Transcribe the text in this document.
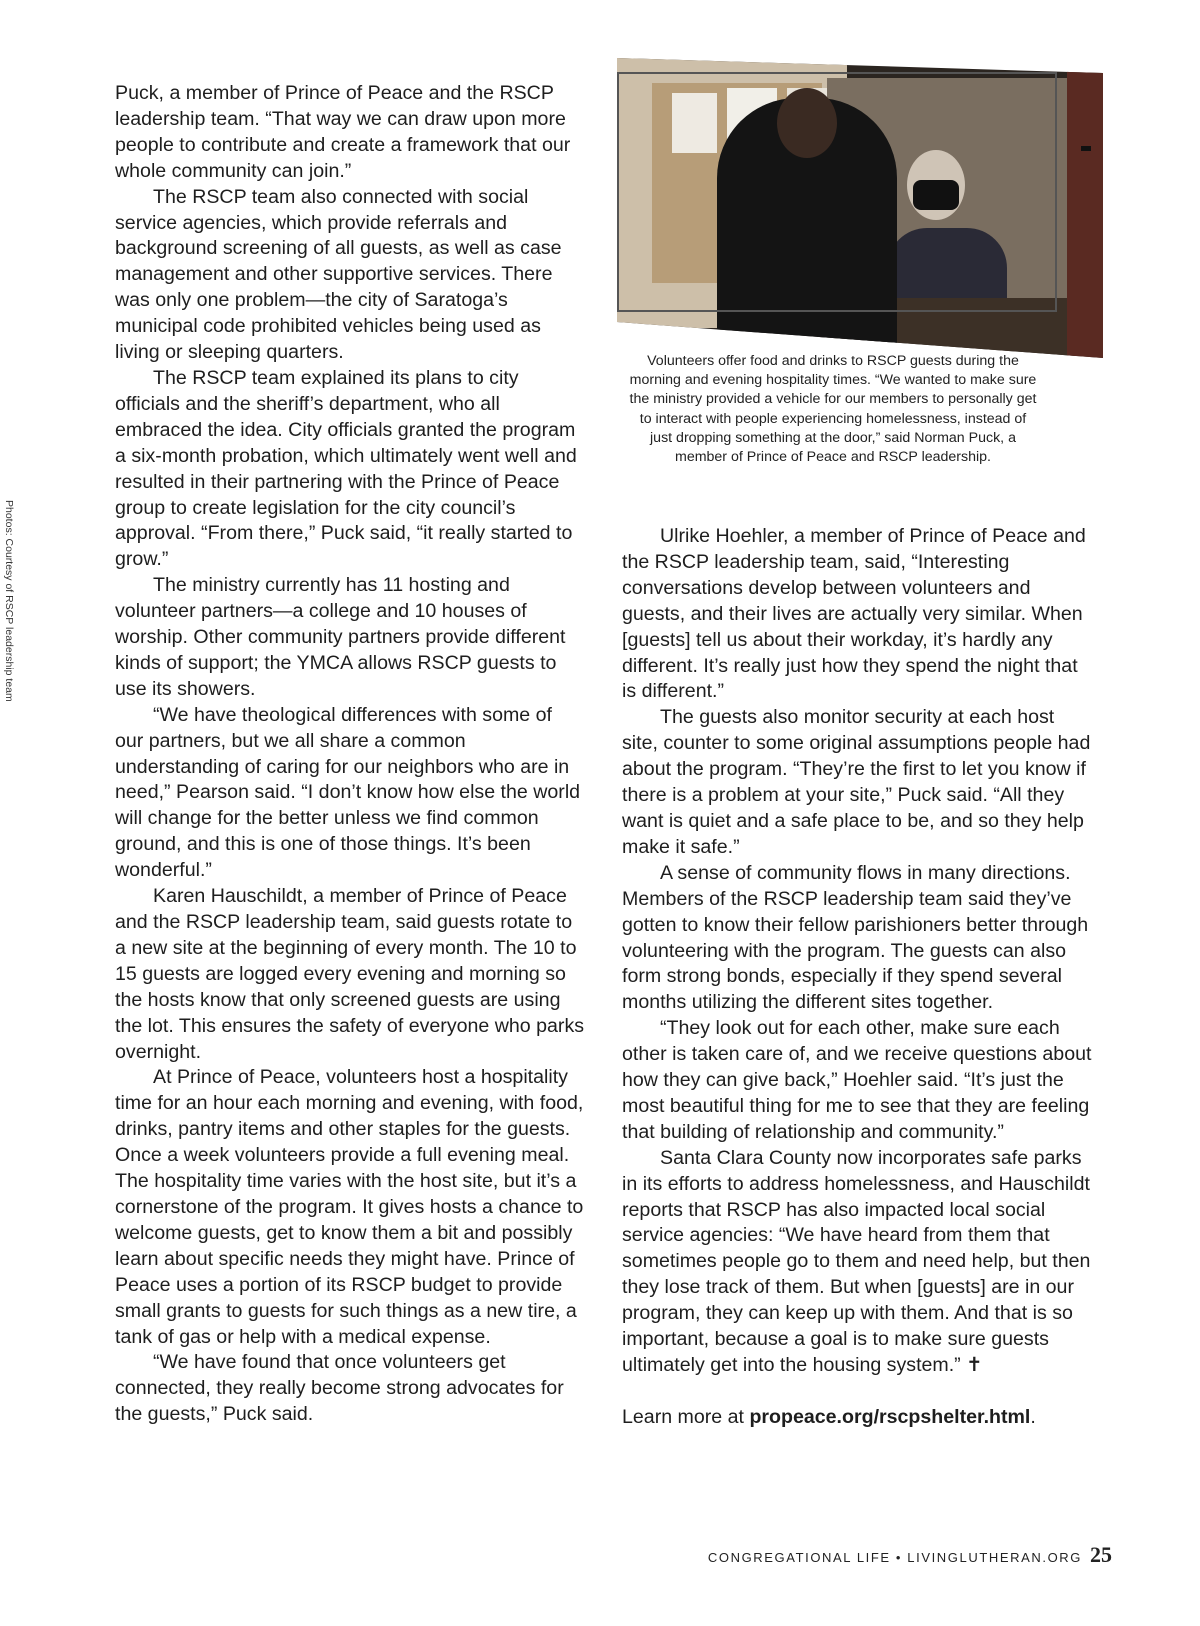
Photos: Courtesy of RSCP leadership team

Puck, a member of Prince of Peace and the RSCP leadership team. “That way we can draw upon more people to contribute and create a framework that our whole community can join.”

The RSCP team also connected with social service agencies, which provide referrals and background screening of all guests, as well as case management and other supportive services. There was only one problem—the city of Saratoga’s municipal code prohibited vehicles being used as living or sleeping quarters.

The RSCP team explained its plans to city officials and the sheriff’s department, who all embraced the idea. City officials granted the program a six-month probation, which ultimately went well and resulted in their partnering with the Prince of Peace group to create legislation for the city council’s approval. “From there,” Puck said, “it really started to grow.”

The ministry currently has 11 hosting and volunteer partners—a college and 10 houses of worship. Other community partners provide different kinds of support; the YMCA allows RSCP guests to use its showers.

“We have theological differences with some of our partners, but we all share a common understanding of caring for our neighbors who are in need,” Pearson said. “I don’t know how else the world will change for the better unless we find common ground, and this is one of those things. It’s been wonderful.”

Karen Hauschildt, a member of Prince of Peace and the RSCP leadership team, said guests rotate to a new site at the beginning of every month. The 10 to 15 guests are logged every evening and morning so the hosts know that only screened guests are using the lot. This ensures the safety of everyone who parks overnight.

At Prince of Peace, volunteers host a hospitality time for an hour each morning and evening, with food, drinks, pantry items and other staples for the guests. Once a week volunteers provide a full evening meal. The hospitality time varies with the host site, but it’s a cornerstone of the program. It gives hosts a chance to welcome guests, get to know them a bit and possibly learn about specific needs they might have. Prince of Peace uses a portion of its RSCP budget to provide small grants to guests for such things as a new tire, a tank of gas or help with a medical expense.

“We have found that once volunteers get connected, they really become strong advocates for the guests,” Puck said.

Volunteers offer food and drinks to RSCP guests during the morning and evening hospitality times. “We wanted to make sure the ministry provided a vehicle for our members to personally get to interact with people experiencing homelessness, instead of just dropping something at the door,” said Norman Puck, a member of Prince of Peace and RSCP leadership.

Ulrike Hoehler, a member of Prince of Peace and the RSCP leadership team, said, “Interesting conversations develop between volunteers and guests, and their lives are actually very similar. When [guests] tell us about their workday, it’s hardly any different. It’s really just how they spend the night that is different.”

The guests also monitor security at each host site, counter to some original assumptions people had about the program. “They’re the first to let you know if there is a problem at your site,” Puck said. “All they want is quiet and a safe place to be, and so they help make it safe.”

A sense of community flows in many directions. Members of the RSCP leadership team said they’ve gotten to know their fellow parishioners better through volunteering with the program. The guests can also form strong bonds, especially if they spend several months utilizing the different sites together.

“They look out for each other, make sure each other is taken care of, and we receive questions about how they can give back,” Hoehler said. “It’s just the most beautiful thing for me to see that they are feeling that building of relationship and community.”

Santa Clara County now incorporates safe parks in its efforts to address homelessness, and Hauschildt reports that RSCP has also impacted local social service agencies: “We have heard from them that sometimes people go to them and need help, but then they lose track of them. But when [guests] are in our program, they can keep up with them. And that is so important, because a goal is to make sure guests ultimately get into the housing system.” ✝

Learn more at propeace.org/rscpshelter.html.

CONGREGATIONAL LIFE • LIVINGLUTHERAN.ORG 25
